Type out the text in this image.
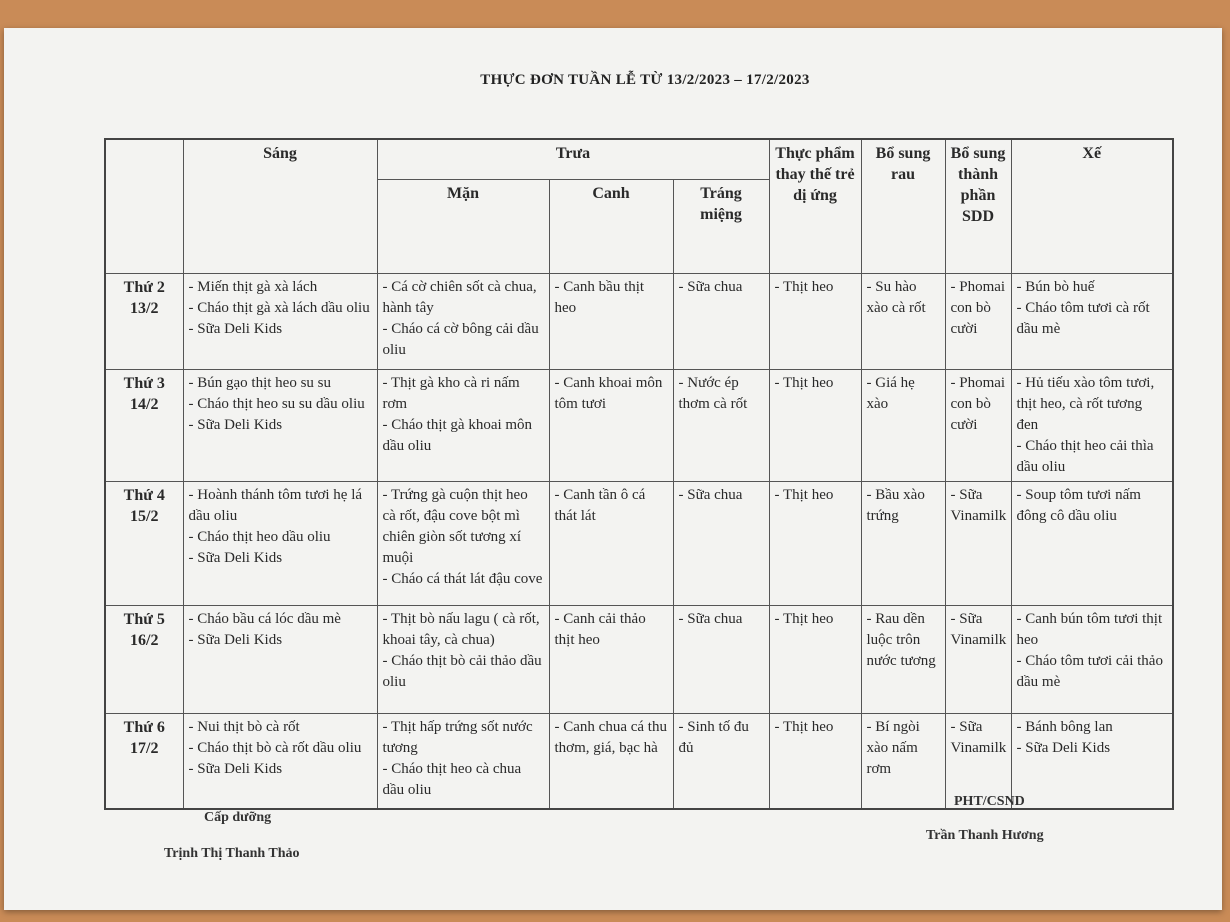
THỰC ĐƠN TUẦN LỄ TỪ 13/2/2023 – 17/2/2023
	Sáng	Trưa			Thực phẩm thay thế trẻ dị ứng	Bổ sung rau	Bổ sung thành phần SDD	Xế
		Mặn	Canh	Tráng miệng				

Thứ 2
13/2	- Miến thịt gà xà lách
- Cháo thịt gà xà lách dầu oliu
- Sữa Deli Kids	- Cá cờ chiên sốt cà chua, hành tây
- Cháo cá cờ bông cải dầu oliu	- Canh bầu thịt heo	- Sữa chua	- Thịt heo	- Su hào xào cà rốt	- Phomai con bò cười	- Bún bò huế
- Cháo tôm tươi cà rốt dầu mè

Thứ 3
14/2	- Bún gạo thịt heo su su
- Cháo thịt heo su su dầu oliu
- Sữa Deli Kids	- Thịt gà kho cà ri nấm rơm
- Cháo thịt gà khoai môn dầu oliu	- Canh khoai môn tôm tươi	- Nước ép thơm cà rốt	- Thịt heo	- Giá hẹ xào	- Phomai con bò cười	- Hủ tiếu xào tôm tươi, thịt heo, cà rốt tương đen
- Cháo thịt heo cải thìa dầu oliu

Thứ 4
15/2	- Hoành thánh tôm tươi hẹ lá dầu oliu
- Cháo thịt heo dầu oliu
- Sữa Deli Kids	- Trứng gà cuộn thịt heo cà rốt, đậu cove bột mì chiên giòn sốt tương xí muội
- Cháo cá thát lát đậu cove	- Canh tần ô cá thát lát	- Sữa chua	- Thịt heo	- Bầu xào trứng	- Sữa Vinamilk	- Soup tôm tươi nấm đông cô dầu oliu

Thứ 5
16/2	- Cháo bầu cá lóc dầu mè
- Sữa Deli Kids	- Thịt bò nấu lagu ( cà rốt, khoai tây, cà chua)
- Cháo thịt bò cải thảo dầu oliu	- Canh cải thảo thịt heo	- Sữa chua	- Thịt heo	- Rau dền luộc trôn nước tương	- Sữa Vinamilk	- Canh bún tôm tươi thịt heo
- Cháo tôm tươi cải thảo dầu mè

Thứ 6
17/2	- Nui thịt bò cà rốt
- Cháo thịt bò cà rốt dầu oliu
- Sữa Deli Kids	- Thịt hấp trứng sốt nước tương
- Cháo thịt heo cà chua dầu oliu	- Canh chua cá thu thơm, giá, bạc hà	- Sinh tố đu đủ	- Thịt heo	- Bí ngòi xào nấm rơm	- Sữa Vinamilk	- Bánh bông lan
- Sữa Deli Kids
Cấp dưỡng
Trịnh Thị Thanh Thảo
PHT/CSND
Trần Thanh Hương
